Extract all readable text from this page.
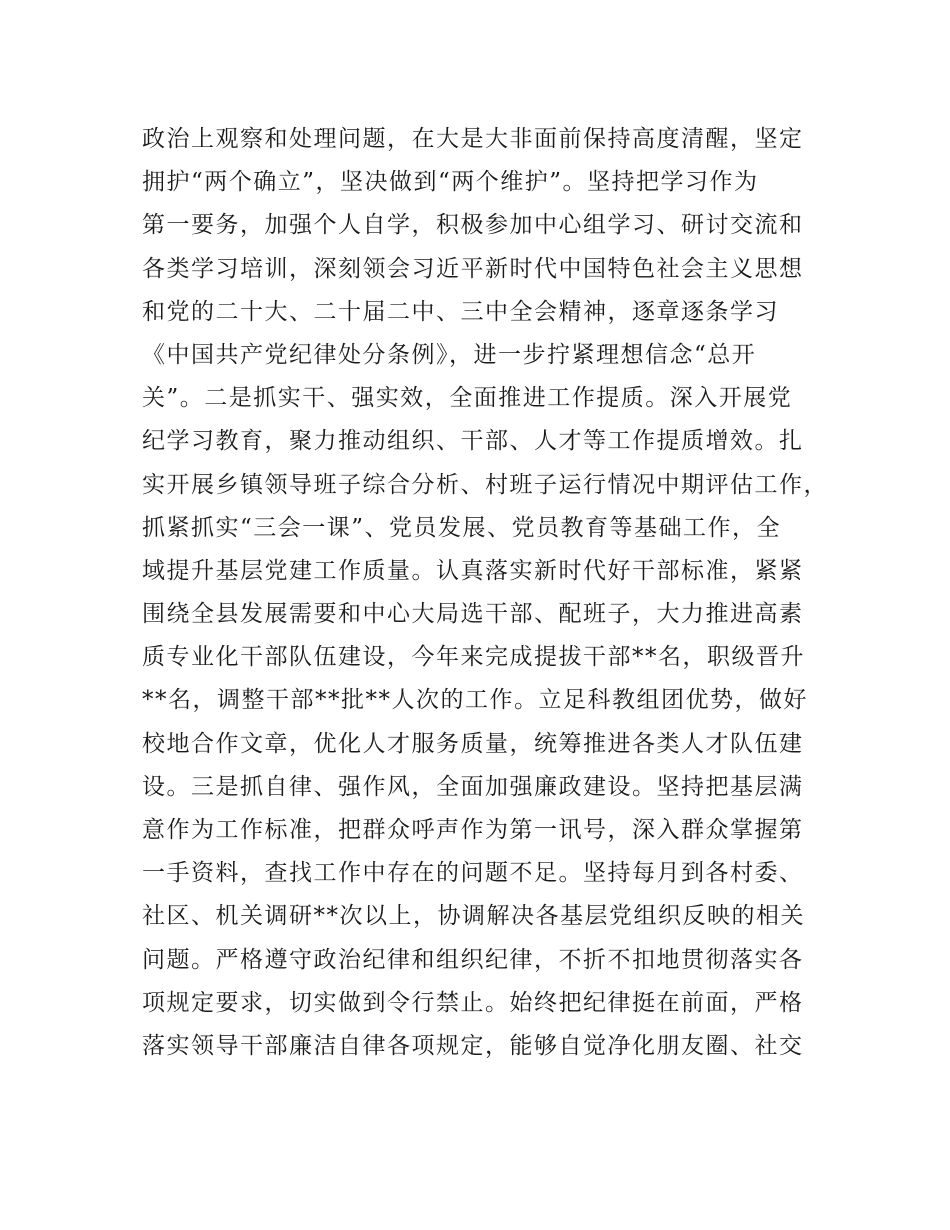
政治上观察和处理问题，在大是大非面前保持高度清醒，坚定
拥护“两个确立”，坚决做到“两个维护”。坚持把学习作为
第一要务，加强个人自学，积极参加中心组学习、研讨交流和
各类学习培训，深刻领会习近平新时代中国特色社会主义思想
和党的二十大、二十届二中、三中全会精神，逐章逐条学习
《中国共产党纪律处分条例》，进一步拧紧理想信念“总开
关”。二是抓实干、强实效，全面推进工作提质。深入开展党
纪学习教育，聚力推动组织、干部、人才等工作提质增效。扎
实开展乡镇领导班子综合分析、村班子运行情况中期评估工作，
抓紧抓实“三会一课”、党员发展、党员教育等基础工作，全
域提升基层党建工作质量。认真落实新时代好干部标准，紧紧
围绕全县发展需要和中心大局选干部、配班子，大力推进高素
质专业化干部队伍建设，今年来完成提拔干部**名，职级晋升
**名，调整干部**批**人次的工作。立足科教组团优势，做好
校地合作文章，优化人才服务质量，统筹推进各类人才队伍建
设。三是抓自律、强作风，全面加强廉政建设。坚持把基层满
意作为工作标准，把群众呼声作为第一讯号，深入群众掌握第
一手资料，查找工作中存在的问题不足。坚持每月到各村委、
社区、机关调研**次以上，协调解决各基层党组织反映的相关
问题。严格遵守政治纪律和组织纪律，不折不扣地贯彻落实各
项规定要求，切实做到令行禁止。始终把纪律挺在前面，严格
落实领导干部廉洁自律各项规定，能够自觉净化朋友圈、社交
